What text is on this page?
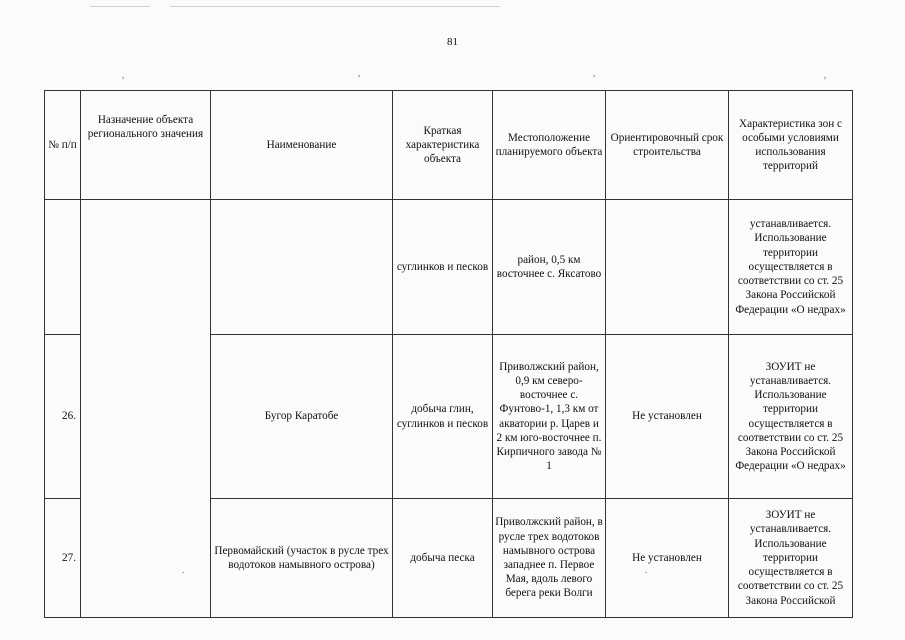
,	,	,	,
.	.
81
№ п/п	Назначение объекта регионального значения	Наименование	Краткая характеристика объекта	Местоположение планируемого объекта	Ориентировочный срок строительства	Характеристика зон с особыми условиями использования территорий
			суглинков и песков	район, 0,5 км восточнее с. Яксатово		устанавливается. Использование территории осуществляется в соответствии со ст. 25 Закона Российской Федерации «О недрах»
26.		Бугор Каратобе	добыча глин, суглинков и песков	Приволжский район, 0,9 км северо-восточнее с. Фунтово-1, 1,3 км от акватории р. Царев и 2 км юго-восточнее п. Кирпичного завода № 1	Не установлен	ЗОУИТ не устанавливается. Использование территории осуществляется в соответствии со ст. 25 Закона Российской Федерации «О недрах»
27.		Первомайский (участок в русле трех водотоков намывного острова)	добыча песка	Приволжский район, в русле трех водотоков намывного острова западнее п. Первое Мая, вдоль левого берега реки Волги	Не установлен	ЗОУИТ не устанавливается. Использование территории осуществляется в соответствии со ст. 25 Закона Российской
